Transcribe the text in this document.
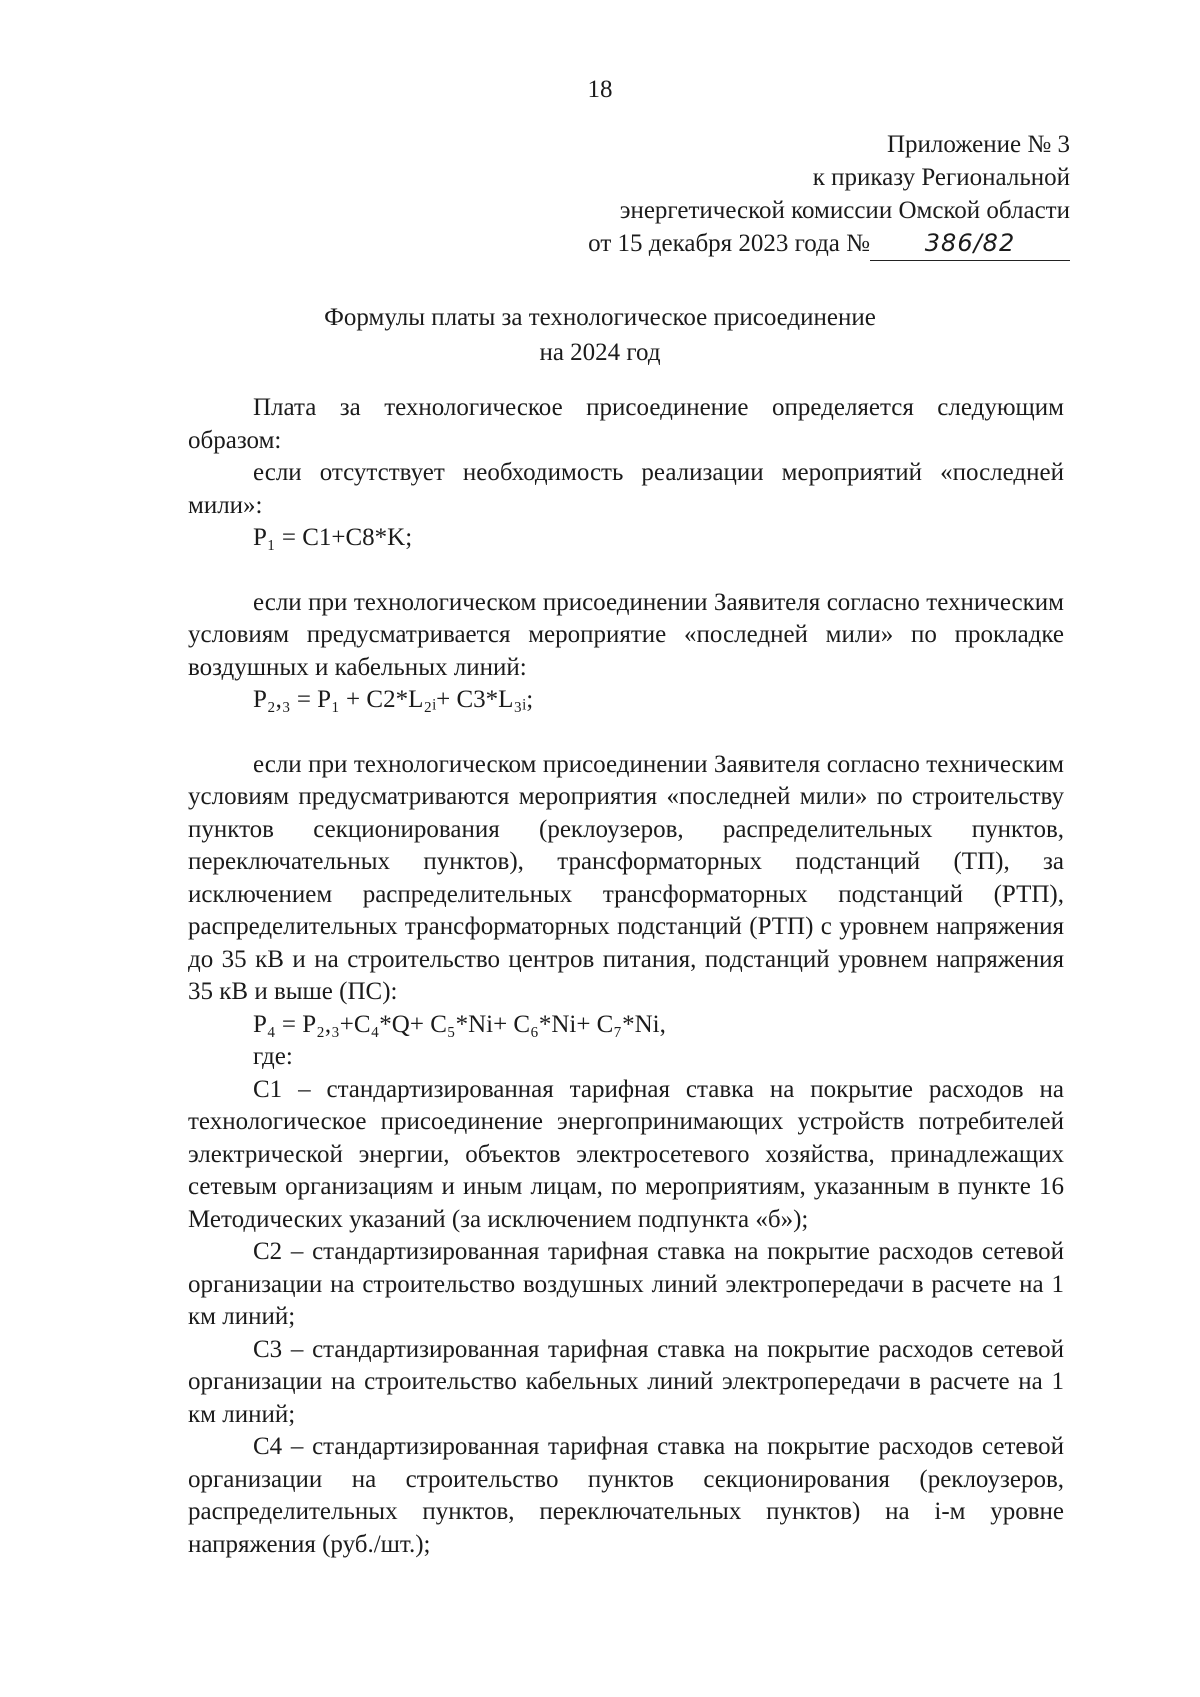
18
Приложение № 3
к приказу Региональной
энергетической комиссии Омской области
от 15 декабря 2023 года № 386/82
Формулы платы за технологическое присоединение
на 2024 год

Плата за технологическое присоединение определяется следующим образом:

если отсутствует необходимость реализации мероприятий «последней мили»:

P₁ = C1+C8*K;

если при технологическом присоединении Заявителя согласно техническим условиям предусматривается мероприятие «последней мили» по прокладке воздушных и кабельных линий:

P₂,₃ = P₁ + C2*L₂ᵢ+ C3*L₃ᵢ;

если при технологическом присоединении Заявителя согласно техническим условиям предусматриваются мероприятия «последней мили» по строительству пунктов секционирования (реклоузеров, распределительных пунктов, переключательных пунктов), трансформаторных подстанций (ТП), за исключением распределительных трансформаторных подстанций (РТП), распределительных трансформаторных подстанций (РТП) с уровнем напряжения до 35 кВ и на строительство центров питания, подстанций уровнем напряжения 35 кВ и выше (ПС):

P₄ = P₂,₃+C₄*Q+ C₅*Ni+ C₆*Ni+ C₇*Ni,

где:

C1 – стандартизированная тарифная ставка на покрытие расходов на технологическое присоединение энергопринимающих устройств потребителей электрической энергии, объектов электросетевого хозяйства, принадлежащих сетевым организациям и иным лицам, по мероприятиям, указанным в пункте 16 Методических указаний (за исключением подпункта «б»);

C2 – стандартизированная тарифная ставка на покрытие расходов сетевой организации на строительство воздушных линий электропередачи в расчете на 1 км линий;

C3 – стандартизированная тарифная ставка на покрытие расходов сетевой организации на строительство кабельных линий электропередачи в расчете на 1 км линий;

C4 – стандартизированная тарифная ставка на покрытие расходов сетевой организации на строительство пунктов секционирования (реклоузеров, распределительных пунктов, переключательных пунктов) на i-м уровне напряжения (руб./шт.);
